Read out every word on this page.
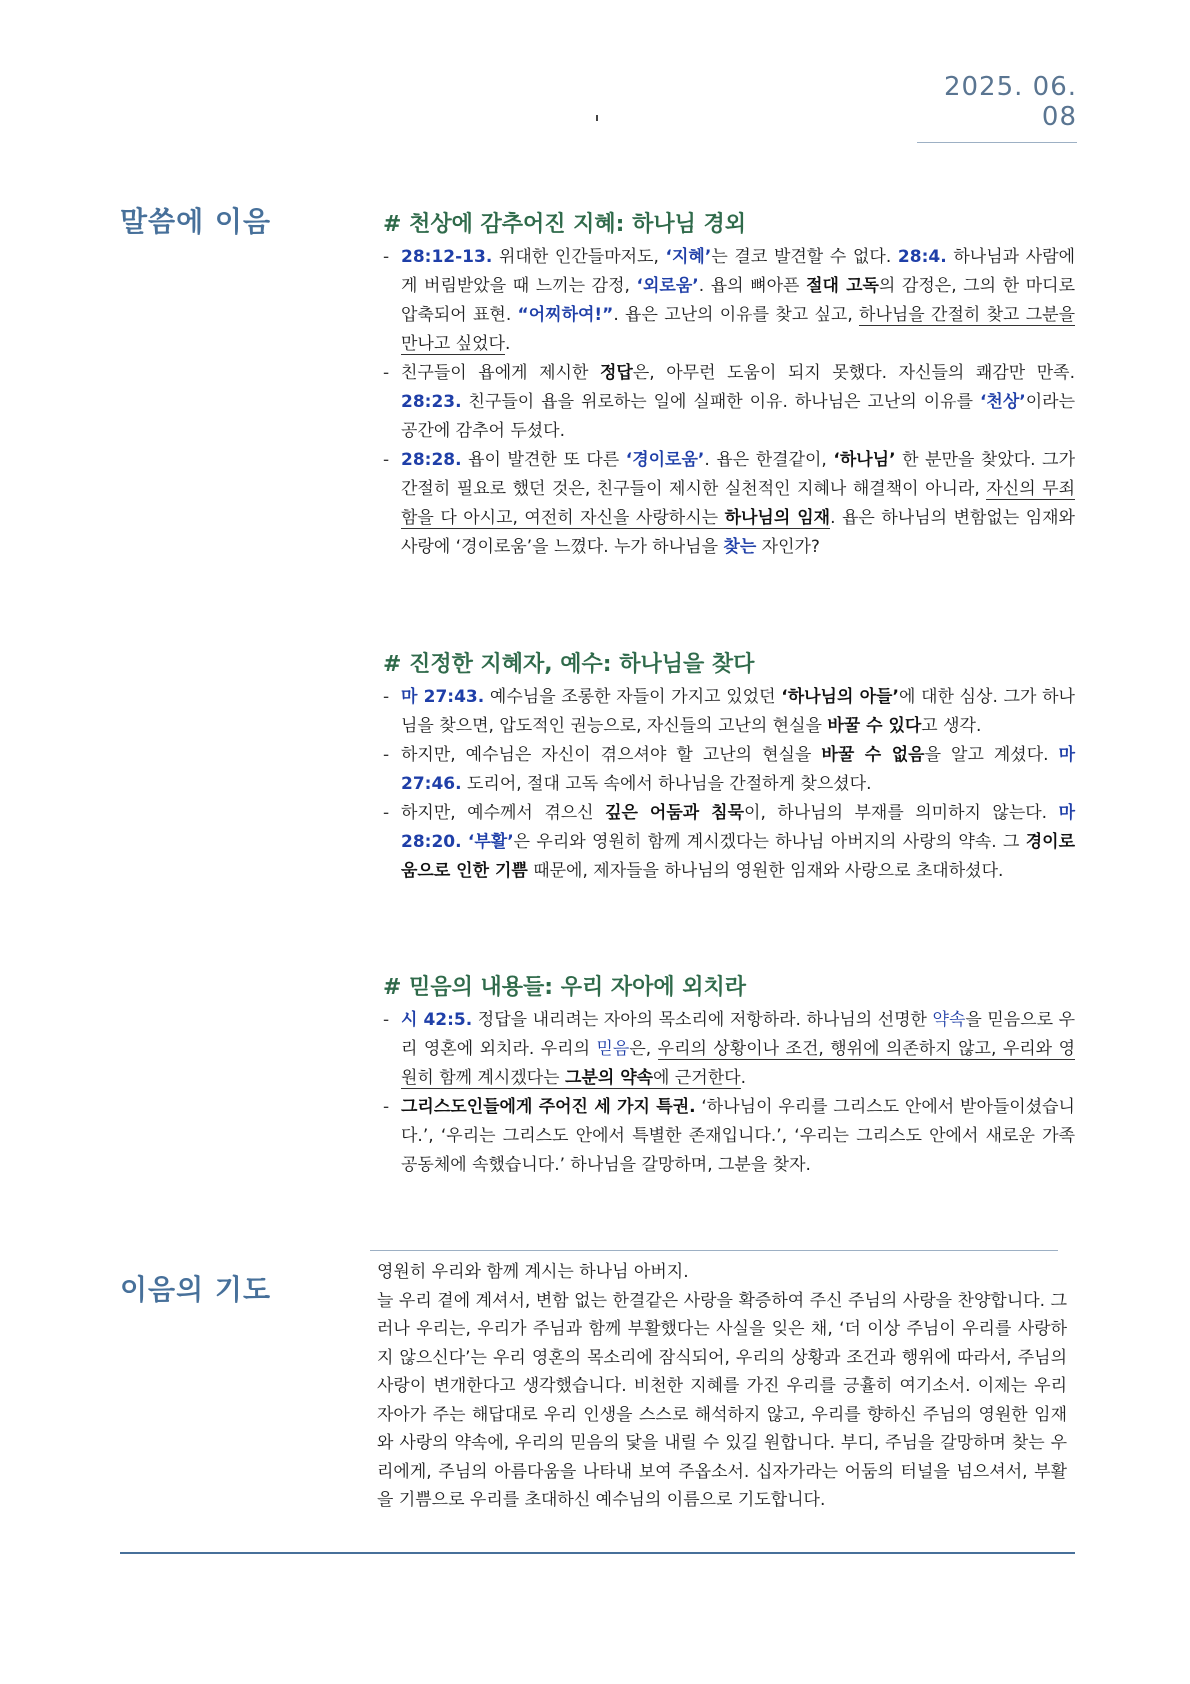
2025. 06. 08
말씀에 이음
이음의 기도
# 천상에 감추어진 지혜: 하나님 경외
- 28:12-13. 위대한 인간들마저도, ‘지혜’는 결코 발견할 수 없다. 28:4. 하나님과 사람에게 버림받았을 때 느끼는 감정, ‘외로움’. 욥의 뼈아픈 절대 고독의 감정은, 그의 한 마디로 압축되어 표현. “어찌하여!”. 욥은 고난의 이유를 찾고 싶고, 하나님을 간절히 찾고 그분을 만나고 싶었다.
- 친구들이 욥에게 제시한 정답은, 아무런 도움이 되지 못했다. 자신들의 쾌감만 만족. 28:23. 친구들이 욥을 위로하는 일에 실패한 이유. 하나님은 고난의 이유를 ‘천상’이라는 공간에 감추어 두셨다.
- 28:28. 욥이 발견한 또 다른 ‘경이로움’. 욥은 한결같이, ‘하나님’ 한 분만을 찾았다. 그가 간절히 필요로 했던 것은, 친구들이 제시한 실천적인 지혜나 해결책이 아니라, 자신의 무죄함을 다 아시고, 여전히 자신을 사랑하시는 하나님의 임재. 욥은 하나님의 변함없는 임재와 사랑에 ‘경이로움’을 느꼈다. 누가 하나님을 찾는 자인가?
# 진정한 지혜자, 예수: 하나님을 찾다
- 마 27:43. 예수님을 조롱한 자들이 가지고 있었던 ‘하나님의 아들’에 대한 심상. 그가 하나님을 찾으면, 압도적인 권능으로, 자신들의 고난의 현실을 바꿀 수 있다고 생각.
- 하지만, 예수님은 자신이 겪으셔야 할 고난의 현실을 바꿀 수 없음을 알고 계셨다. 마 27:46. 도리어, 절대 고독 속에서 하나님을 간절하게 찾으셨다.
- 하지만, 예수께서 겪으신 깊은 어둠과 침묵이, 하나님의 부재를 의미하지 않는다. 마 28:20. ‘부활’은 우리와 영원히 함께 계시겠다는 하나님 아버지의 사랑의 약속. 그 경이로움으로 인한 기쁨 때문에, 제자들을 하나님의 영원한 임재와 사랑으로 초대하셨다.
# 믿음의 내용들: 우리 자아에 외치라
- 시 42:5. 정답을 내리려는 자아의 목소리에 저항하라. 하나님의 선명한 약속을 믿음으로 우리 영혼에 외치라. 우리의 믿음은, 우리의 상황이나 조건, 행위에 의존하지 않고, 우리와 영원히 함께 계시겠다는 그분의 약속에 근거한다.
- 그리스도인들에게 주어진 세 가지 특권. ‘하나님이 우리를 그리스도 안에서 받아들이셨습니다.’, ‘우리는 그리스도 안에서 특별한 존재입니다.’, ‘우리는 그리스도 안에서 새로운 가족 공동체에 속했습니다.’ 하나님을 갈망하며, 그분을 찾자.
영원히 우리와 함께 계시는 하나님 아버지.
늘 우리 곁에 계셔서, 변함 없는 한결같은 사랑을 확증하여 주신 주님의 사랑을 찬양합니다. 그러나 우리는, 우리가 주님과 함께 부활했다는 사실을 잊은 채, ‘더 이상 주님이 우리를 사랑하지 않으신다’는 우리 영혼의 목소리에 잠식되어, 우리의 상황과 조건과 행위에 따라서, 주님의 사랑이 변개한다고 생각했습니다. 비천한 지혜를 가진 우리를 긍휼히 여기소서. 이제는 우리 자아가 주는 해답대로 우리 인생을 스스로 해석하지 않고, 우리를 향하신 주님의 영원한 임재와 사랑의 약속에, 우리의 믿음의 닻을 내릴 수 있길 원합니다. 부디, 주님을 갈망하며 찾는 우리에게, 주님의 아름다움을 나타내 보여 주옵소서. 십자가라는 어둠의 터널을 넘으셔서, 부활을 기쁨으로 우리를 초대하신 예수님의 이름으로 기도합니다.
